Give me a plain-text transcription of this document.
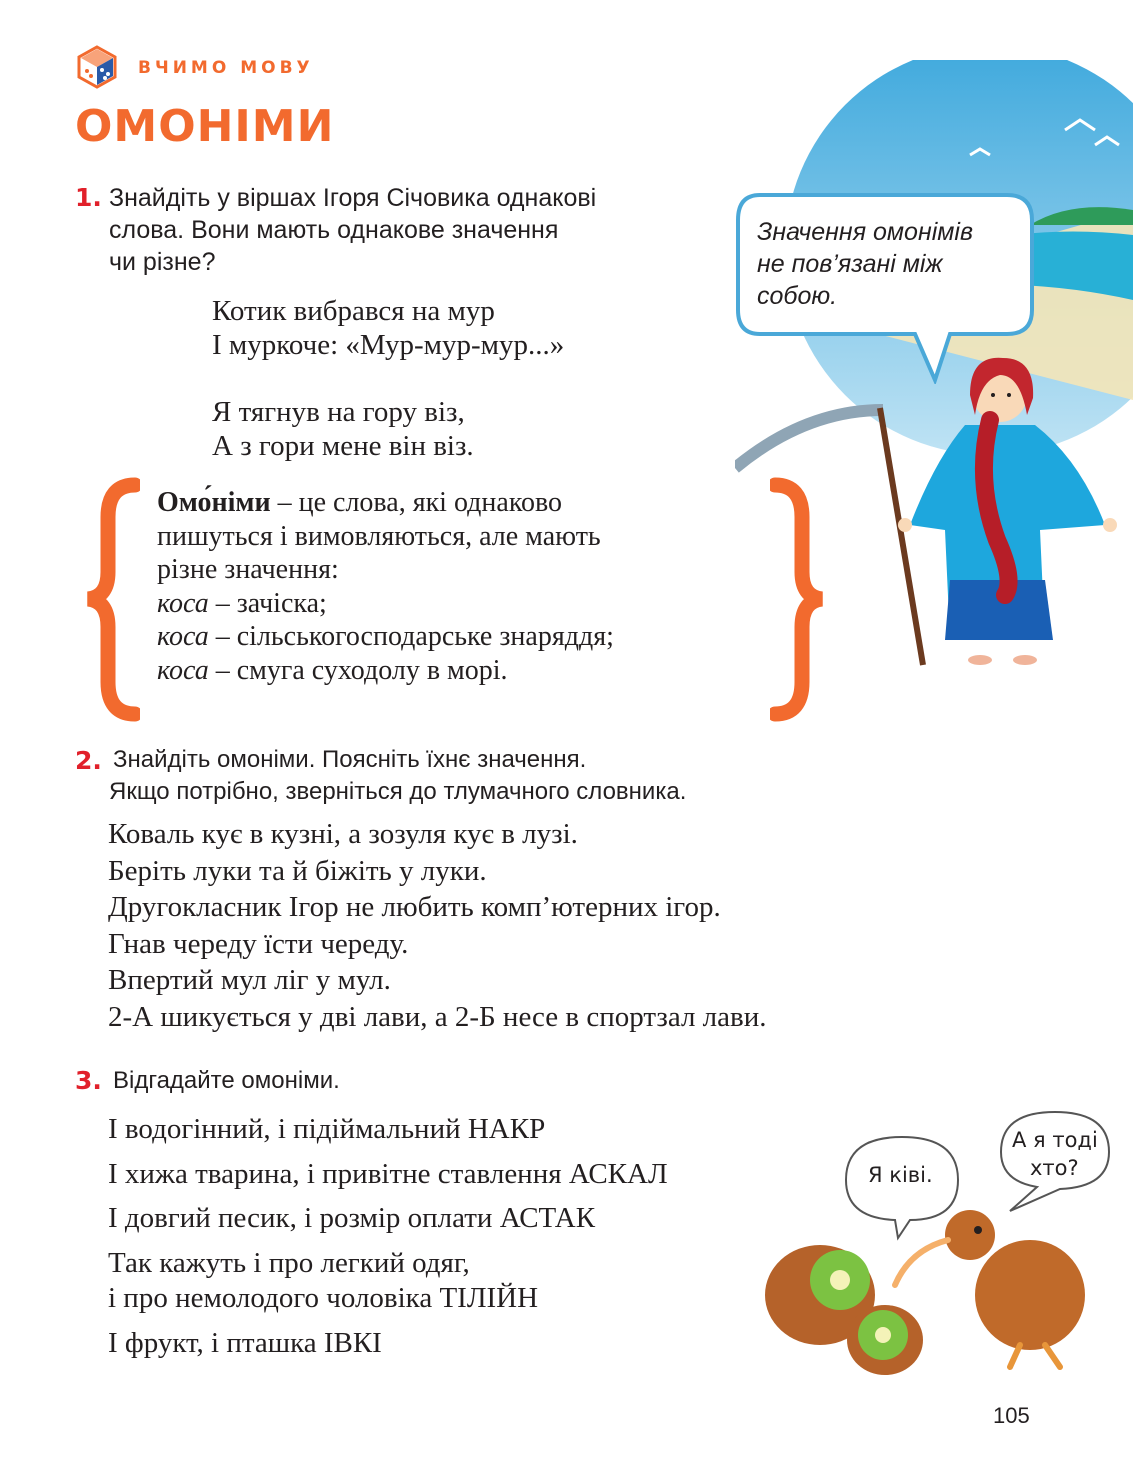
ВЧИМО МОВУ
ОМОНІМИ
Значення омонімів
не пов’язані між
собою.
1. Знайдіть у віршах Ігоря Січовика однакові
слова. Вони мають однакове значення
чи різне?
Котик вибрався на мур
І муркоче: «Мур-мур-мур...»
Я тягнув на гору віз,
А з гори мене він віз.
Омо́німи – це слова, які однаково
пишуться і вимовляються, але мають
різне значення:
коса – зачіска;
коса – сільськогосподарське знаряддя;
коса – смуга суходолу в морі.
2. Знайдіть омоніми. Поясніть їхнє значення.
Якщо потрібно, зверніться до тлумачного словника.
Коваль кує в кузні, а зозуля кує в лузі.
Беріть луки та й біжіть у луки.
Другокласник Ігор не любить комп’ютерних ігор.
Гнав череду їсти череду.
Впертий мул ліг у мул.
2-А шикується у дві лави, а 2-Б несе в спортзал лави.
3. Відгадайте омоніми.
І водогінний, і підіймальний НАКР
І хижа тварина, і привітне ставлення АСКАЛ
І довгий песик, і розмір оплати АСТАК
Так кажуть і про легкий одяг,
і про немолодого чоловіка ТІЛІЙН
І фрукт, і пташка ІВКІ
Я ківі.
А я тоді
хто?
105
